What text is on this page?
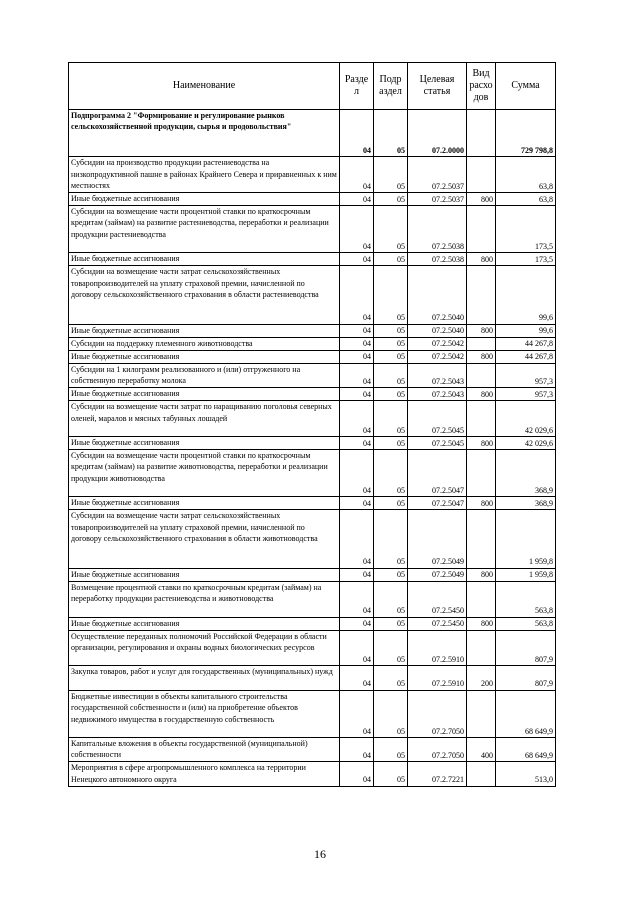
Наименование	Разде л	Подр аздел	Целевая статья	Вид расхо дов	Сумма
Подпрограмма 2 "Формирование и регулирование рынков сельскохозяйственной продукции, сырья и продовольствия"	04	05	07.2.0000		729 798,8
Субсидии на производство продукции растениеводства на низкопродуктивной пашне в районах Крайнего Севера и приравненных к ним местностях	04	05	07.2.5037		63,8
Иные бюджетные ассигнования	04	05	07.2.5037	800	63,8
Субсидии на возмещение части процентной ставки по краткосрочным кредитам (займам) на развитие растениеводства, переработки и реализации продукции растениеводства	04	05	07.2.5038		173,5
Иные бюджетные ассигнования	04	05	07.2.5038	800	173,5
Субсидии на возмещение части затрат сельскохозяйственных товаропроизводителей на уплату страховой премии, начисленной по договору сельскохозяйственного страхования в области растениеводства	04	05	07.2.5040		99,6
Иные бюджетные ассигнования	04	05	07.2.5040	800	99,6
Субсидии на поддержку племенного животноводства	04	05	07.2.5042		44 267,8
Иные бюджетные ассигнования	04	05	07.2.5042	800	44 267,8
Субсидии на 1 килограмм реализованного и (или) отгруженного на собственную переработку молока	04	05	07.2.5043		957,3
Иные бюджетные ассигнования	04	05	07.2.5043	800	957,3
Субсидии на возмещение части затрат по наращиванию поголовья северных оленей, маралов и мясных табунных лошадей	04	05	07.2.5045		42 029,6
Иные бюджетные ассигнования	04	05	07.2.5045	800	42 029,6
Субсидии на возмещение части процентной ставки по краткосрочным кредитам (займам) на развитие животноводства, переработки и реализации продукции животноводства	04	05	07.2.5047		368,9
Иные бюджетные ассигнования	04	05	07.2.5047	800	368,9
Субсидии на возмещение части затрат сельскохозяйственных товаропроизводителей на уплату страховой премии, начисленной по договору сельскохозяйственного страхования в области животноводства	04	05	07.2.5049		1 959,8
Иные бюджетные ассигнования	04	05	07.2.5049	800	1 959,8
Возмещение процентной ставки по краткосрочным кредитам (займам) на переработку продукции растениеводства и животноводства	04	05	07.2.5450		563,8
Иные бюджетные ассигнования	04	05	07.2.5450	800	563,8
Осуществление переданных полномочий Российской Федерации в области организации, регулирования и охраны водных биологических ресурсов	04	05	07.2.5910		807,9
Закупка товаров, работ и услуг для государственных (муниципальных) нужд	04	05	07.2.5910	200	807,9
Бюджетные инвестиции в объекты капитального строительства государственной собственности и (или) на приобретение объектов недвижимого имущества в государственную собственность	04	05	07.2.7050		68 649,9
Капитальные вложения в объекты государственной (муниципальной) собственности	04	05	07.2.7050	400	68 649,9
Мероприятия в сфере агропромышленного комплекса на территории Ненецкого автономного округа	04	05	07.2.7221		513,0
16
